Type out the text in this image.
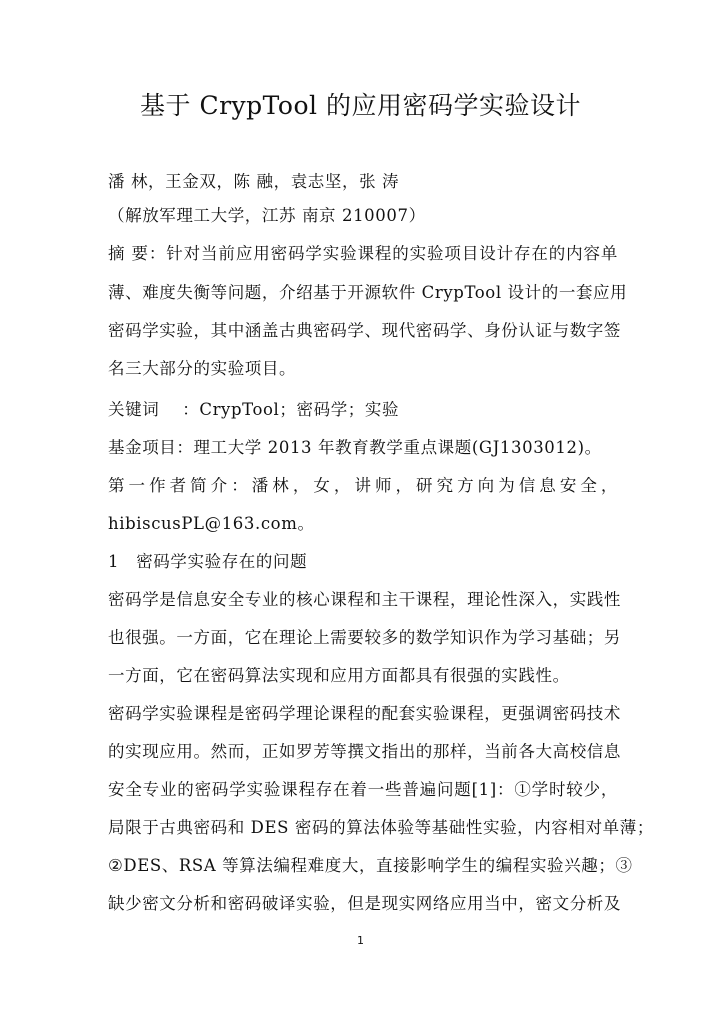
基于 CrypTool 的应用密码学实验设计
潘 林，王金双，陈 融，袁志坚，张 涛
（解放军理工大学，江苏 南京 210007）
摘 要：针对当前应用密码学实验课程的实验项目设计存在的内容单
薄、难度失衡等问题，介绍基于开源软件 CrypTool 设计的一套应用
密码学实验，其中涵盖古典密码学、现代密码学、身份认证与数字签
名三大部分的实验项目。
关键词　 ：CrypTool；密码学；实验
基金项目：理工大学 2013 年教育教学重点课题(GJ1303012)。
第一作者简介：潘林，女，讲师，研究方向为信息安全，
hibiscusPL@163.com。
1　密码学实验存在的问题
密码学是信息安全专业的核心课程和主干课程，理论性深入，实践性
也很强。一方面，它在理论上需要较多的数学知识作为学习基础；另
一方面，它在密码算法实现和应用方面都具有很强的实践性。
密码学实验课程是密码学理论课程的配套实验课程，更强调密码技术
的实现应用。然而，正如罗芳等撰文指出的那样，当前各大高校信息
安全专业的密码学实验课程存在着一些普遍问题[1]：①学时较少，
局限于古典密码和 DES 密码的算法体验等基础性实验，内容相对单薄；
②DES、RSA 等算法编程难度大，直接影响学生的编程实验兴趣；③
缺少密文分析和密码破译实验，但是现实网络应用当中，密文分析及
1
